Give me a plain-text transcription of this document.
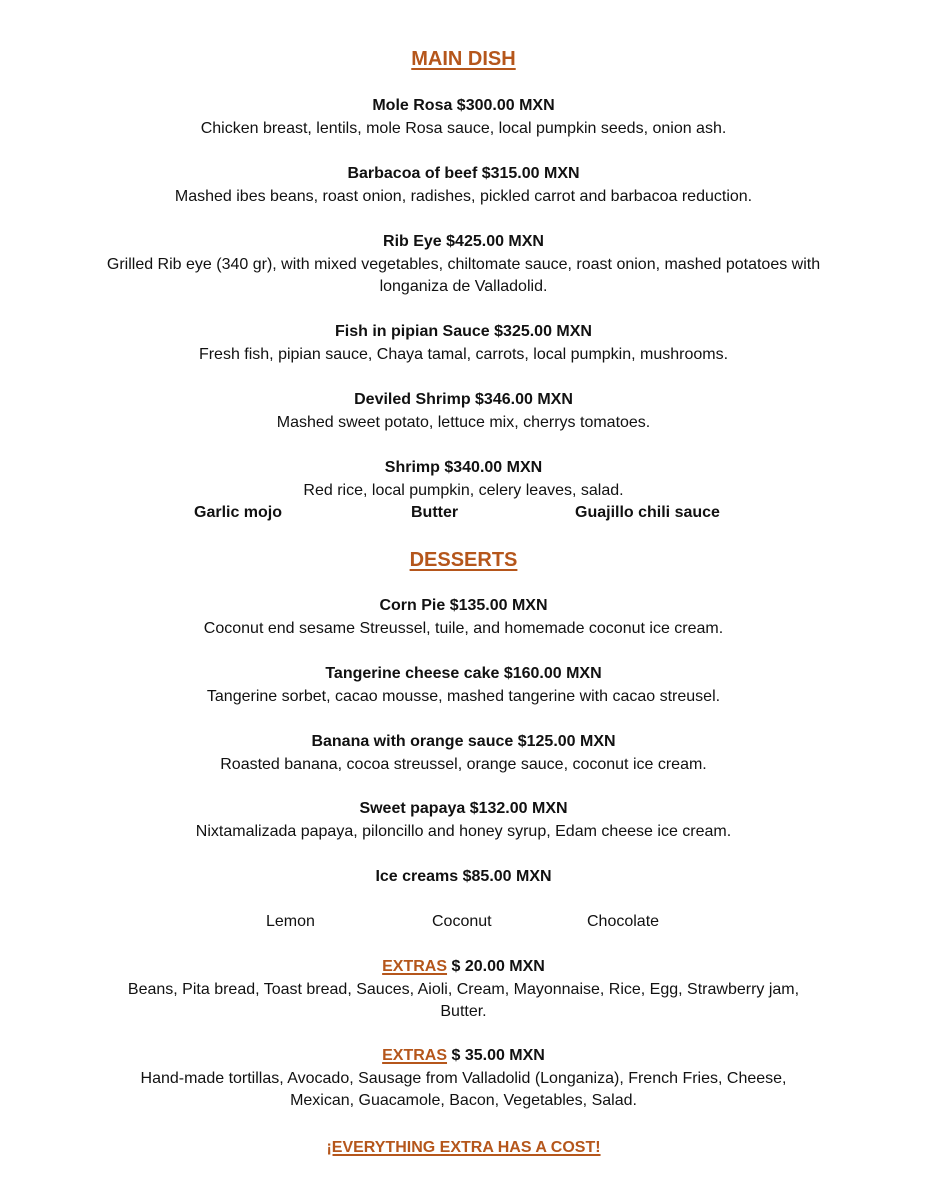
MAIN DISH
Mole Rosa $300.00 MXN
Chicken breast, lentils, mole Rosa sauce, local pumpkin seeds, onion ash.
Barbacoa of beef $315.00 MXN
Mashed ibes beans, roast onion, radishes, pickled carrot and barbacoa reduction.
Rib Eye $425.00 MXN
Grilled Rib eye (340 gr), with mixed vegetables, chiltomate sauce, roast onion, mashed potatoes with
longaniza de Valladolid.
Fish in pipian Sauce $325.00 MXN
Fresh fish, pipian sauce, Chaya tamal, carrots, local pumpkin, mushrooms.
Deviled Shrimp $346.00 MXN
Mashed sweet potato, lettuce mix, cherrys tomatoes.
Shrimp $340.00 MXN
Red rice, local pumpkin, celery leaves, salad.
Garlic mojo	Butter	Guajillo chili sauce
DESSERTS
Corn Pie $135.00 MXN
Coconut end sesame Streussel, tuile, and homemade coconut ice cream.
Tangerine cheese cake $160.00 MXN
Tangerine sorbet, cacao mousse, mashed tangerine with cacao streusel.
Banana with orange sauce $125.00 MXN
Roasted banana, cocoa streussel, orange sauce, coconut ice cream.
Sweet papaya $132.00 MXN
Nixtamalizada papaya, piloncillo and honey syrup, Edam cheese ice cream.
Ice creams $85.00 MXN
Lemon	Coconut	Chocolate
EXTRAS $ 20.00 MXN
Beans, Pita bread, Toast bread, Sauces, Aioli, Cream, Mayonnaise, Rice, Egg, Strawberry jam,
Butter.
EXTRAS $ 35.00 MXN
Hand-made tortillas, Avocado, Sausage from Valladolid (Longaniza), French Fries, Cheese,
Mexican, Guacamole, Bacon, Vegetables, Salad.
¡EVERYTHING EXTRA HAS A COST!
